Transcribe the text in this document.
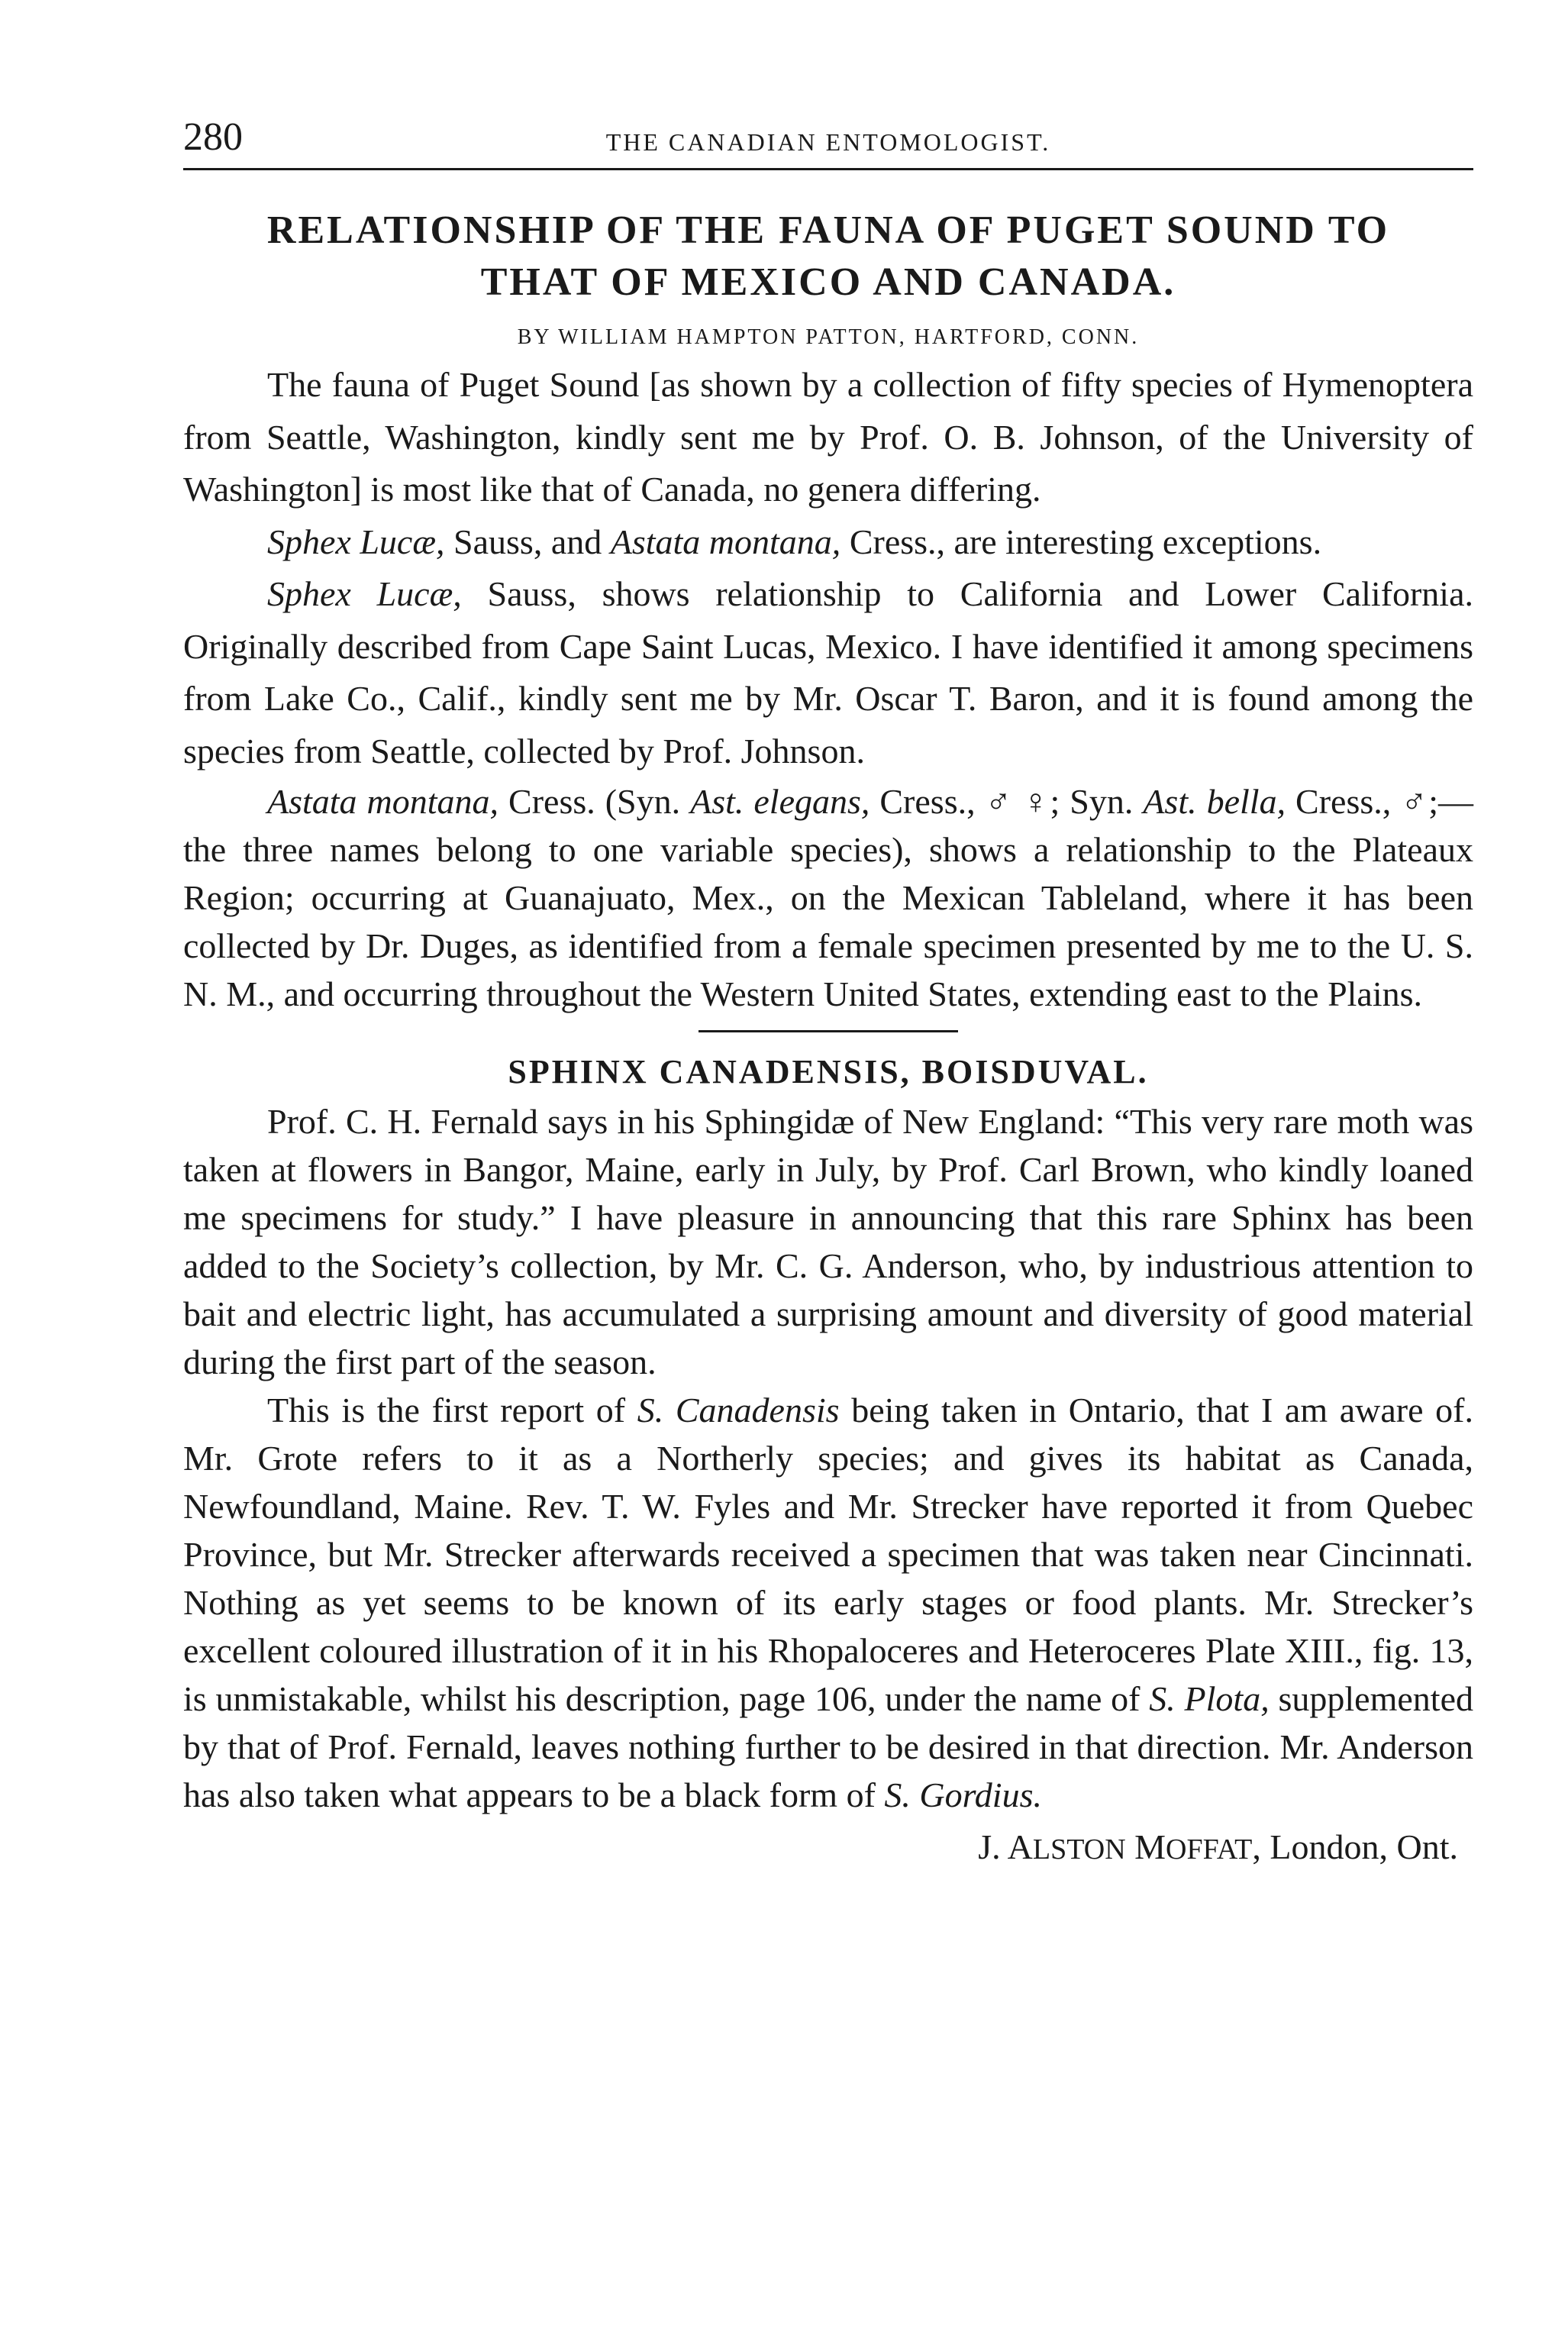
280	THE CANADIAN ENTOMOLOGIST.
RELATIONSHIP OF THE FAUNA OF PUGET SOUND TO
THAT OF MEXICO AND CANADA.
BY WILLIAM HAMPTON PATTON, HARTFORD, CONN.

The fauna of Puget Sound [as shown by a collection of fifty species of Hymenoptera from Seattle, Washington, kindly sent me by Prof. O. B. Johnson, of the University of Washington] is most like that of Canada, no genera differing.

Sphex Lucæ, Sauss, and Astata montana, Cress., are interesting exceptions.

Sphex Lucæ, Sauss, shows relationship to California and Lower California. Originally described from Cape Saint Lucas, Mexico. I have identified it among specimens from Lake Co., Calif., kindly sent me by Mr. Oscar T. Baron, and it is found among the species from Seattle, collected by Prof. Johnson.

Astata montana, Cress. (Syn. Ast. elegans, Cress., ♂ ♀; Syn. Ast. bella, Cress., ♂;—the three names belong to one variable species), shows a relationship to the Plateaux Region; occurring at Guanajuato, Mex., on the Mexican Tableland, where it has been collected by Dr. Duges, as identified from a female specimen presented by me to the U. S. N. M., and occurring throughout the Western United States, extending east to the Plains.

SPHINX CANADENSIS, BOISDUVAL.

Prof. C. H. Fernald says in his Sphingidæ of New England: “This very rare moth was taken at flowers in Bangor, Maine, early in July, by Prof. Carl Brown, who kindly loaned me specimens for study.” I have pleasure in announcing that this rare Sphinx has been added to the Society’s collection, by Mr. C. G. Anderson, who, by industrious attention to bait and electric light, has accumulated a surprising amount and diversity of good material during the first part of the season.

This is the first report of S. Canadensis being taken in Ontario, that I am aware of. Mr. Grote refers to it as a Northerly species; and gives its habitat as Canada, Newfoundland, Maine. Rev. T. W. Fyles and Mr. Strecker have reported it from Quebec Province, but Mr. Strecker afterwards received a specimen that was taken near Cincinnati. Nothing as yet seems to be known of its early stages or food plants. Mr. Strecker’s excellent coloured illustration of it in his Rhopaloceres and Heteroceres Plate XIII., fig. 13, is unmistakable, whilst his description, page 106, under the name of S. Plota, supplemented by that of Prof. Fernald, leaves nothing further to be desired in that direction. Mr. Anderson has also taken what appears to be a black form of S. Gordius.

J. ALSTON MOFFAT, London, Ont.
